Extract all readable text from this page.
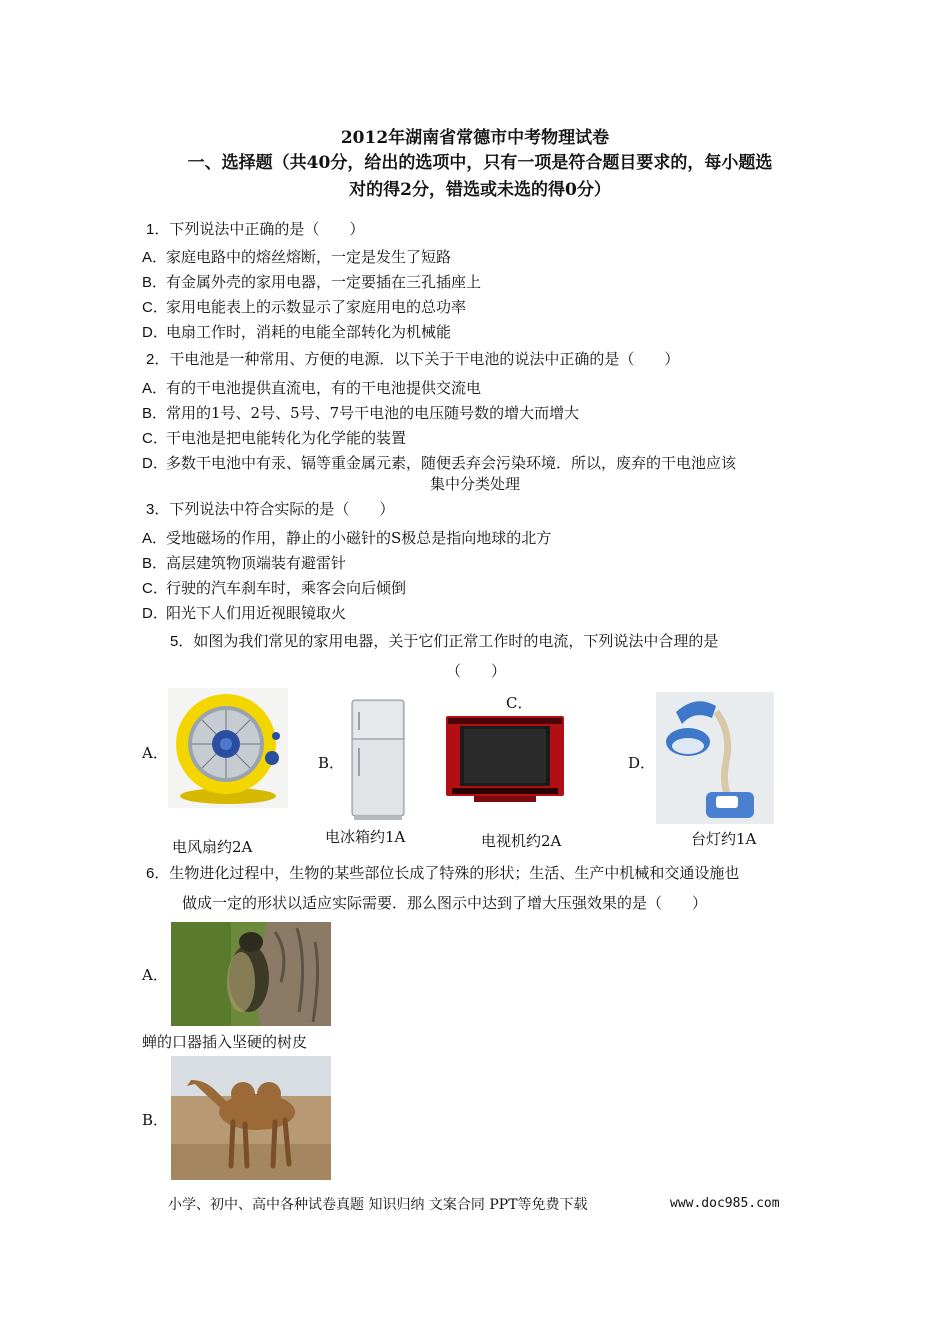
2012年湖南省常德市中考物理试卷
一、选择题（共40分，给出的选项中，只有一项是符合题目要求的，每小题选
对的得2分，错选或未选的得0分）
1．下列说法中正确的是（　　）
A．家庭电路中的熔丝熔断，一定是发生了短路
B．有金属外壳的家用电器，一定要插在三孔插座上
C．家用电能表上的示数显示了家庭用电的总功率
D．电扇工作时，消耗的电能全部转化为机械能
2．干电池是一种常用、方便的电源．以下关于干电池的说法中正确的是（　　）
A．有的干电池提供直流电，有的干电池提供交流电
B．常用的1号、2号、5号、7号干电池的电压随号数的增大而增大
C．干电池是把电能转化为化学能的装置
D．多数干电池中有汞、镉等重金属元素，随便丢弃会污染环境．所以，废弃的干电池应该
集中分类处理
3．下列说法中符合实际的是（　　）
A．受地磁场的作用，静止的小磁针的S极总是指向地球的北方
B．高层建筑物顶端装有避雷针
C．行驶的汽车刹车时，乘客会向后倾倒
D．阳光下人们用近视眼镜取火
5．如图为我们常见的家用电器，关于它们正常工作时的电流，下列说法中合理的是
（　　）
A．
电风扇约2A
B．
电冰箱约1A
C．
电视机约2A
D．
台灯约1A
6．生物进化过程中，生物的某些部位长成了特殊的形状；生活、生产中机械和交通设施也
做成一定的形状以适应实际需要．那么图示中达到了增大压强效果的是（　　）
A．
蝉的口器插入坚硬的树皮
B．
小学、初中、高中各种试卷真题 知识归纳 文案合同 PPT等免费下载	www.doc985.com
